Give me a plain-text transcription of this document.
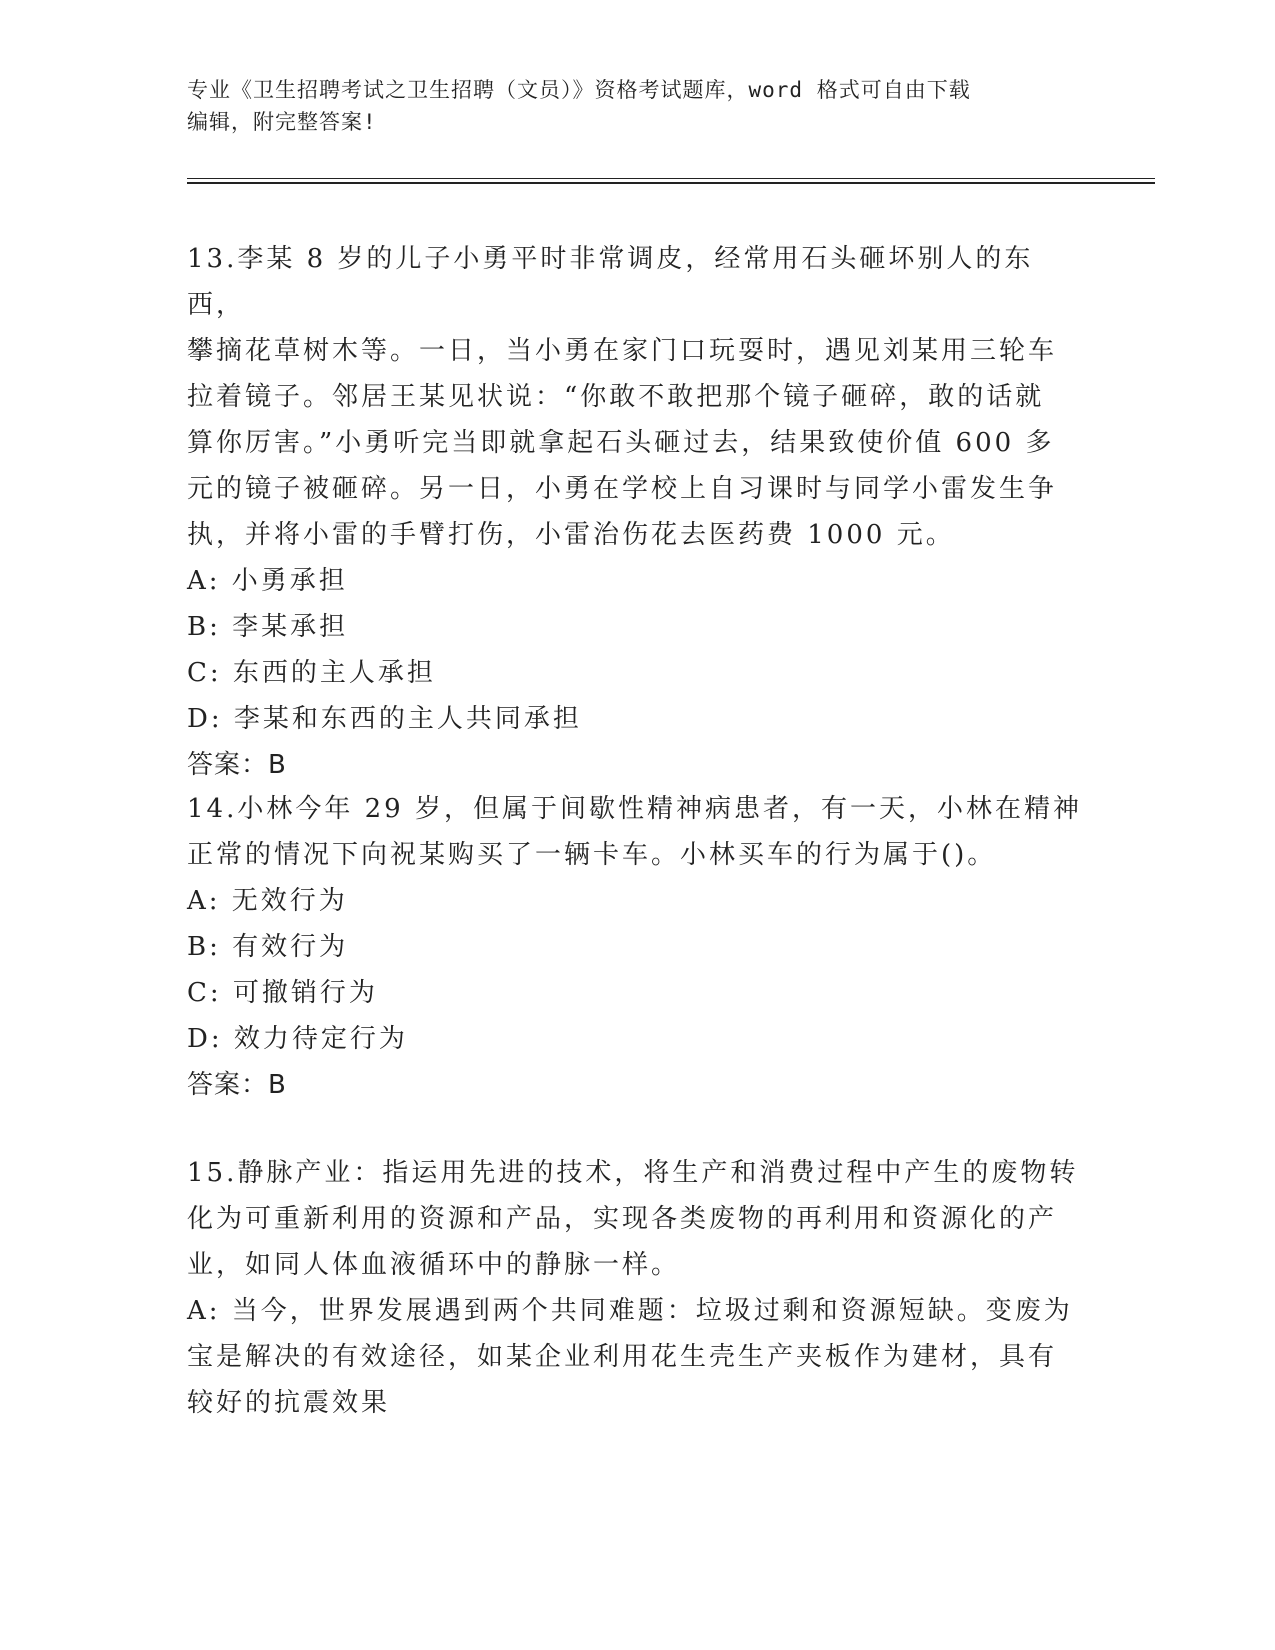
专业《卫生招聘考试之卫生招聘（文员）》资格考试题库，word 格式可自由下载
编辑，附完整答案!

13.李某 8 岁的儿子小勇平时非常调皮，经常用石头砸坏别人的东西，

攀摘花草树木等。一日，当小勇在家门口玩耍时，遇见刘某用三轮车

拉着镜子。邻居王某见状说：“你敢不敢把那个镜子砸碎，敢的话就

算你厉害。”小勇听完当即就拿起石头砸过去，结果致使价值 600 多

元的镜子被砸碎。另一日，小勇在学校上自习课时与同学小雷发生争

执，并将小雷的手臂打伤，小雷治伤花去医药费 1000 元。

A: 小勇承担

B: 李某承担

C: 东西的主人承担

D: 李某和东西的主人共同承担

答案：B

14.小林今年 29 岁，但属于间歇性精神病患者，有一天，小林在精神

正常的情况下向祝某购买了一辆卡车。小林买车的行为属于()。

A: 无效行为

B: 有效行为

C: 可撤销行为

D: 效力待定行为

答案：B

15.静脉产业：指运用先进的技术，将生产和消费过程中产生的废物转

化为可重新利用的资源和产品，实现各类废物的再利用和资源化的产

业，如同人体血液循环中的静脉一样。

A: 当今，世界发展遇到两个共同难题：垃圾过剩和资源短缺。变废为

宝是解决的有效途径，如某企业利用花生壳生产夹板作为建材，具有

较好的抗震效果
